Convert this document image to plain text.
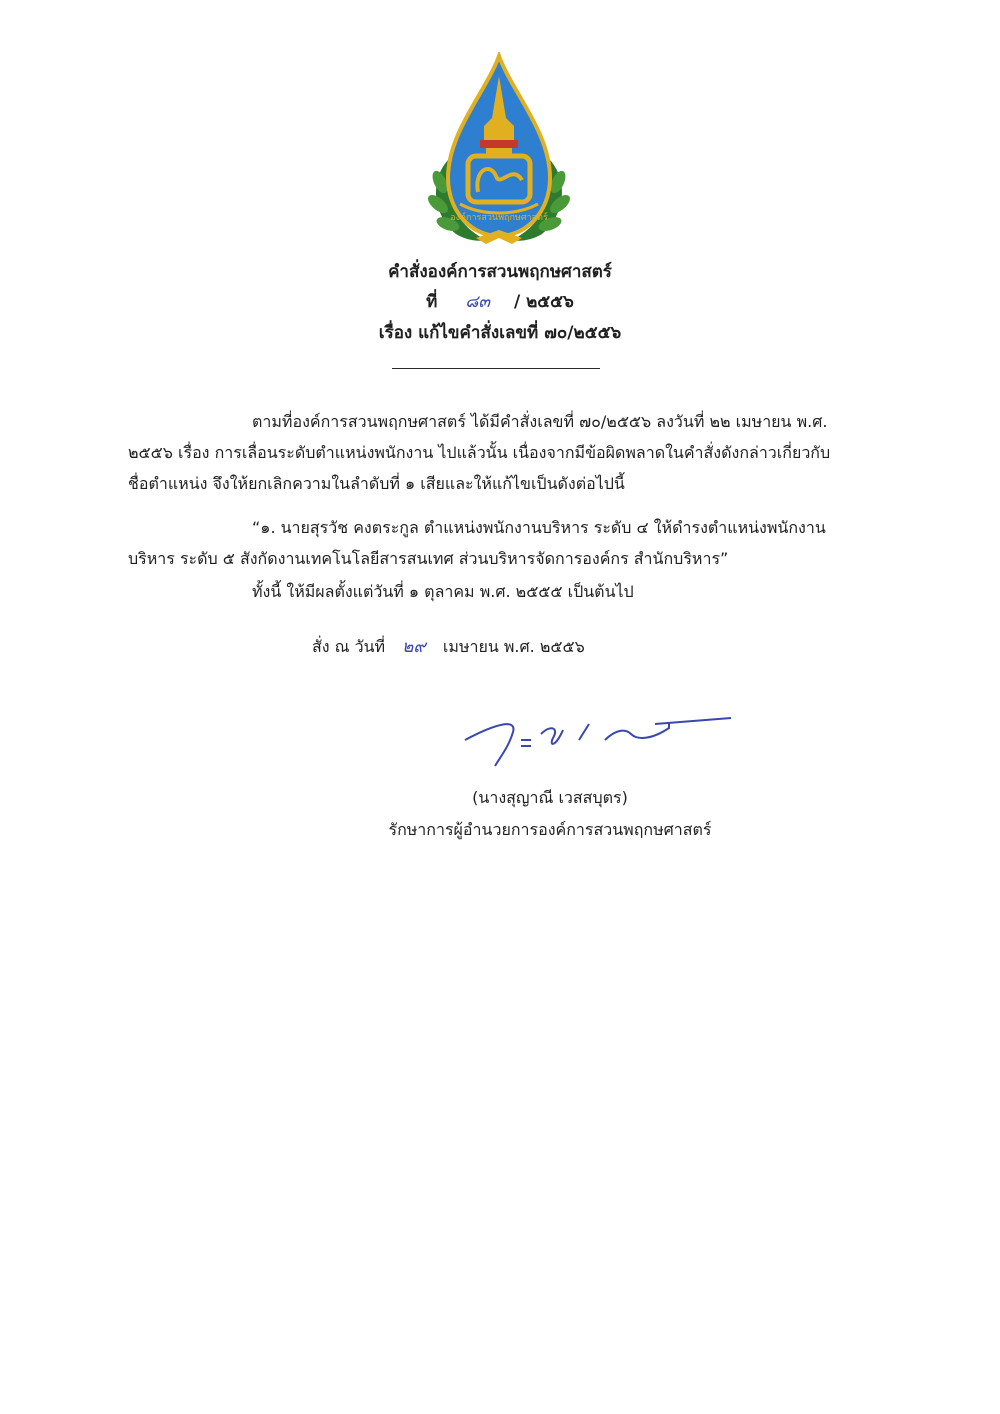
องค์การสวนพฤกษศาสตร์
คำสั่งองค์การสวนพฤกษศาสตร์
ที่ ๘๓ / ๒๕๕๖
เรื่อง แก้ไขคำสั่งเลขที่ ๗๐/๒๕๕๖
ตามที่องค์การสวนพฤกษศาสตร์ ได้มีคำสั่งเลขที่ ๗๐/๒๕๕๖ ลงวันที่ ๒๒ เมษายน พ.ศ.
๒๕๕๖ เรื่อง การเลื่อนระดับตำแหน่งพนักงาน ไปแล้วนั้น เนื่องจากมีข้อผิดพลาดในคำสั่งดังกล่าวเกี่ยวกับ
ชื่อตำแหน่ง จึงให้ยกเลิกความในลำดับที่ ๑ เสียและให้แก้ไขเป็นดังต่อไปนี้
“๑. นายสุรวัช คงตระกูล ตำแหน่งพนักงานบริหาร ระดับ ๔ ให้ดำรงตำแหน่งพนักงาน
บริหาร ระดับ ๕ สังกัดงานเทคโนโลยีสารสนเทศ ส่วนบริหารจัดการองค์กร สำนักบริหาร”
ทั้งนี้ ให้มีผลตั้งแต่วันที่ ๑ ตุลาคม พ.ศ. ๒๕๕๕ เป็นต้นไป
สั่ง ณ วันที่ ๒๙ เมษายน พ.ศ. ๒๕๕๖
(นางสุญาณี เวสสบุตร)
รักษาการผู้อำนวยการองค์การสวนพฤกษศาสตร์
